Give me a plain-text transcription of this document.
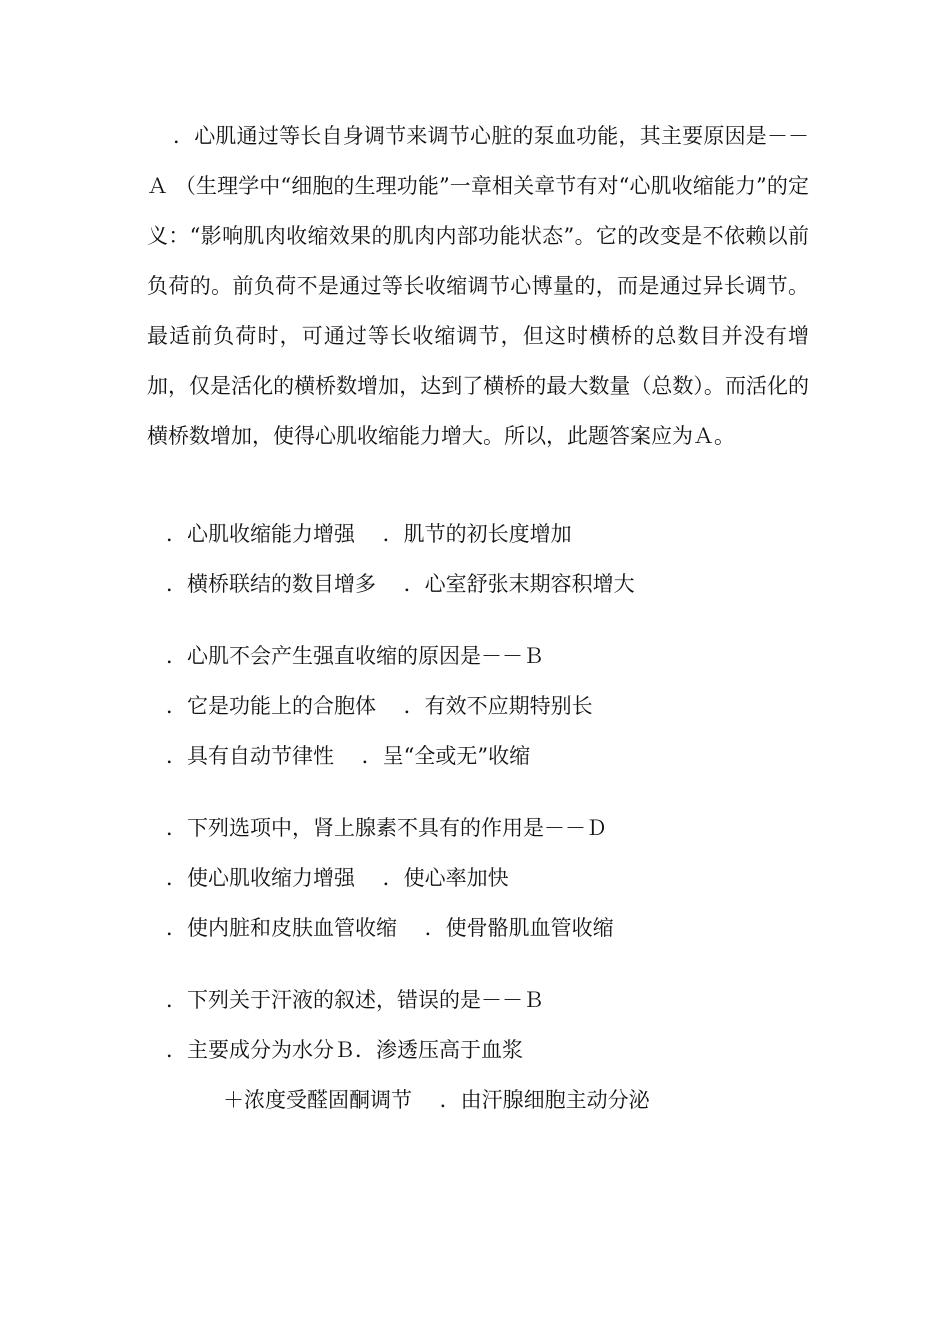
．心肌通过等长自身调节来调节心脏的泵血功能，其主要原因是－－Ａ （生理学中“细胞的生理功能”一章相关章节有对“心肌收缩能力”的定义：“影响肌肉收缩效果的肌肉内部功能状态”。它的改变是不依赖以前负荷的。前负荷不是通过等长收缩调节心博量的，而是通过异长调节。最适前负荷时，可通过等长收缩调节，但这时横桥的总数目并没有增加，仅是活化的横桥数增加，达到了横桥的最大数量（总数）。而活化的横桥数增加，使得心肌收缩能力增大。所以，此题答案应为Ａ。

．心肌收缩能力增强 　．肌节的初长度增加
．横桥联结的数目增多 　．心室舒张末期容积增大
．心肌不会产生强直收缩的原因是－－Ｂ
．它是功能上的合胞体 　．有效不应期特别长
．具有自动节律性 　．呈“全或无”收缩
．下列选项中，肾上腺素不具有的作用是－－Ｄ
．使心肌收缩力增强 　．使心率加快
．使内脏和皮肤血管收缩 　．使骨骼肌血管收缩
．下列关于汗液的叙述，错误的是－－Ｂ
．主要成分为水分Ｂ．渗透压高于血浆
＋浓度受醛固酮调节 　．由汗腺细胞主动分泌
